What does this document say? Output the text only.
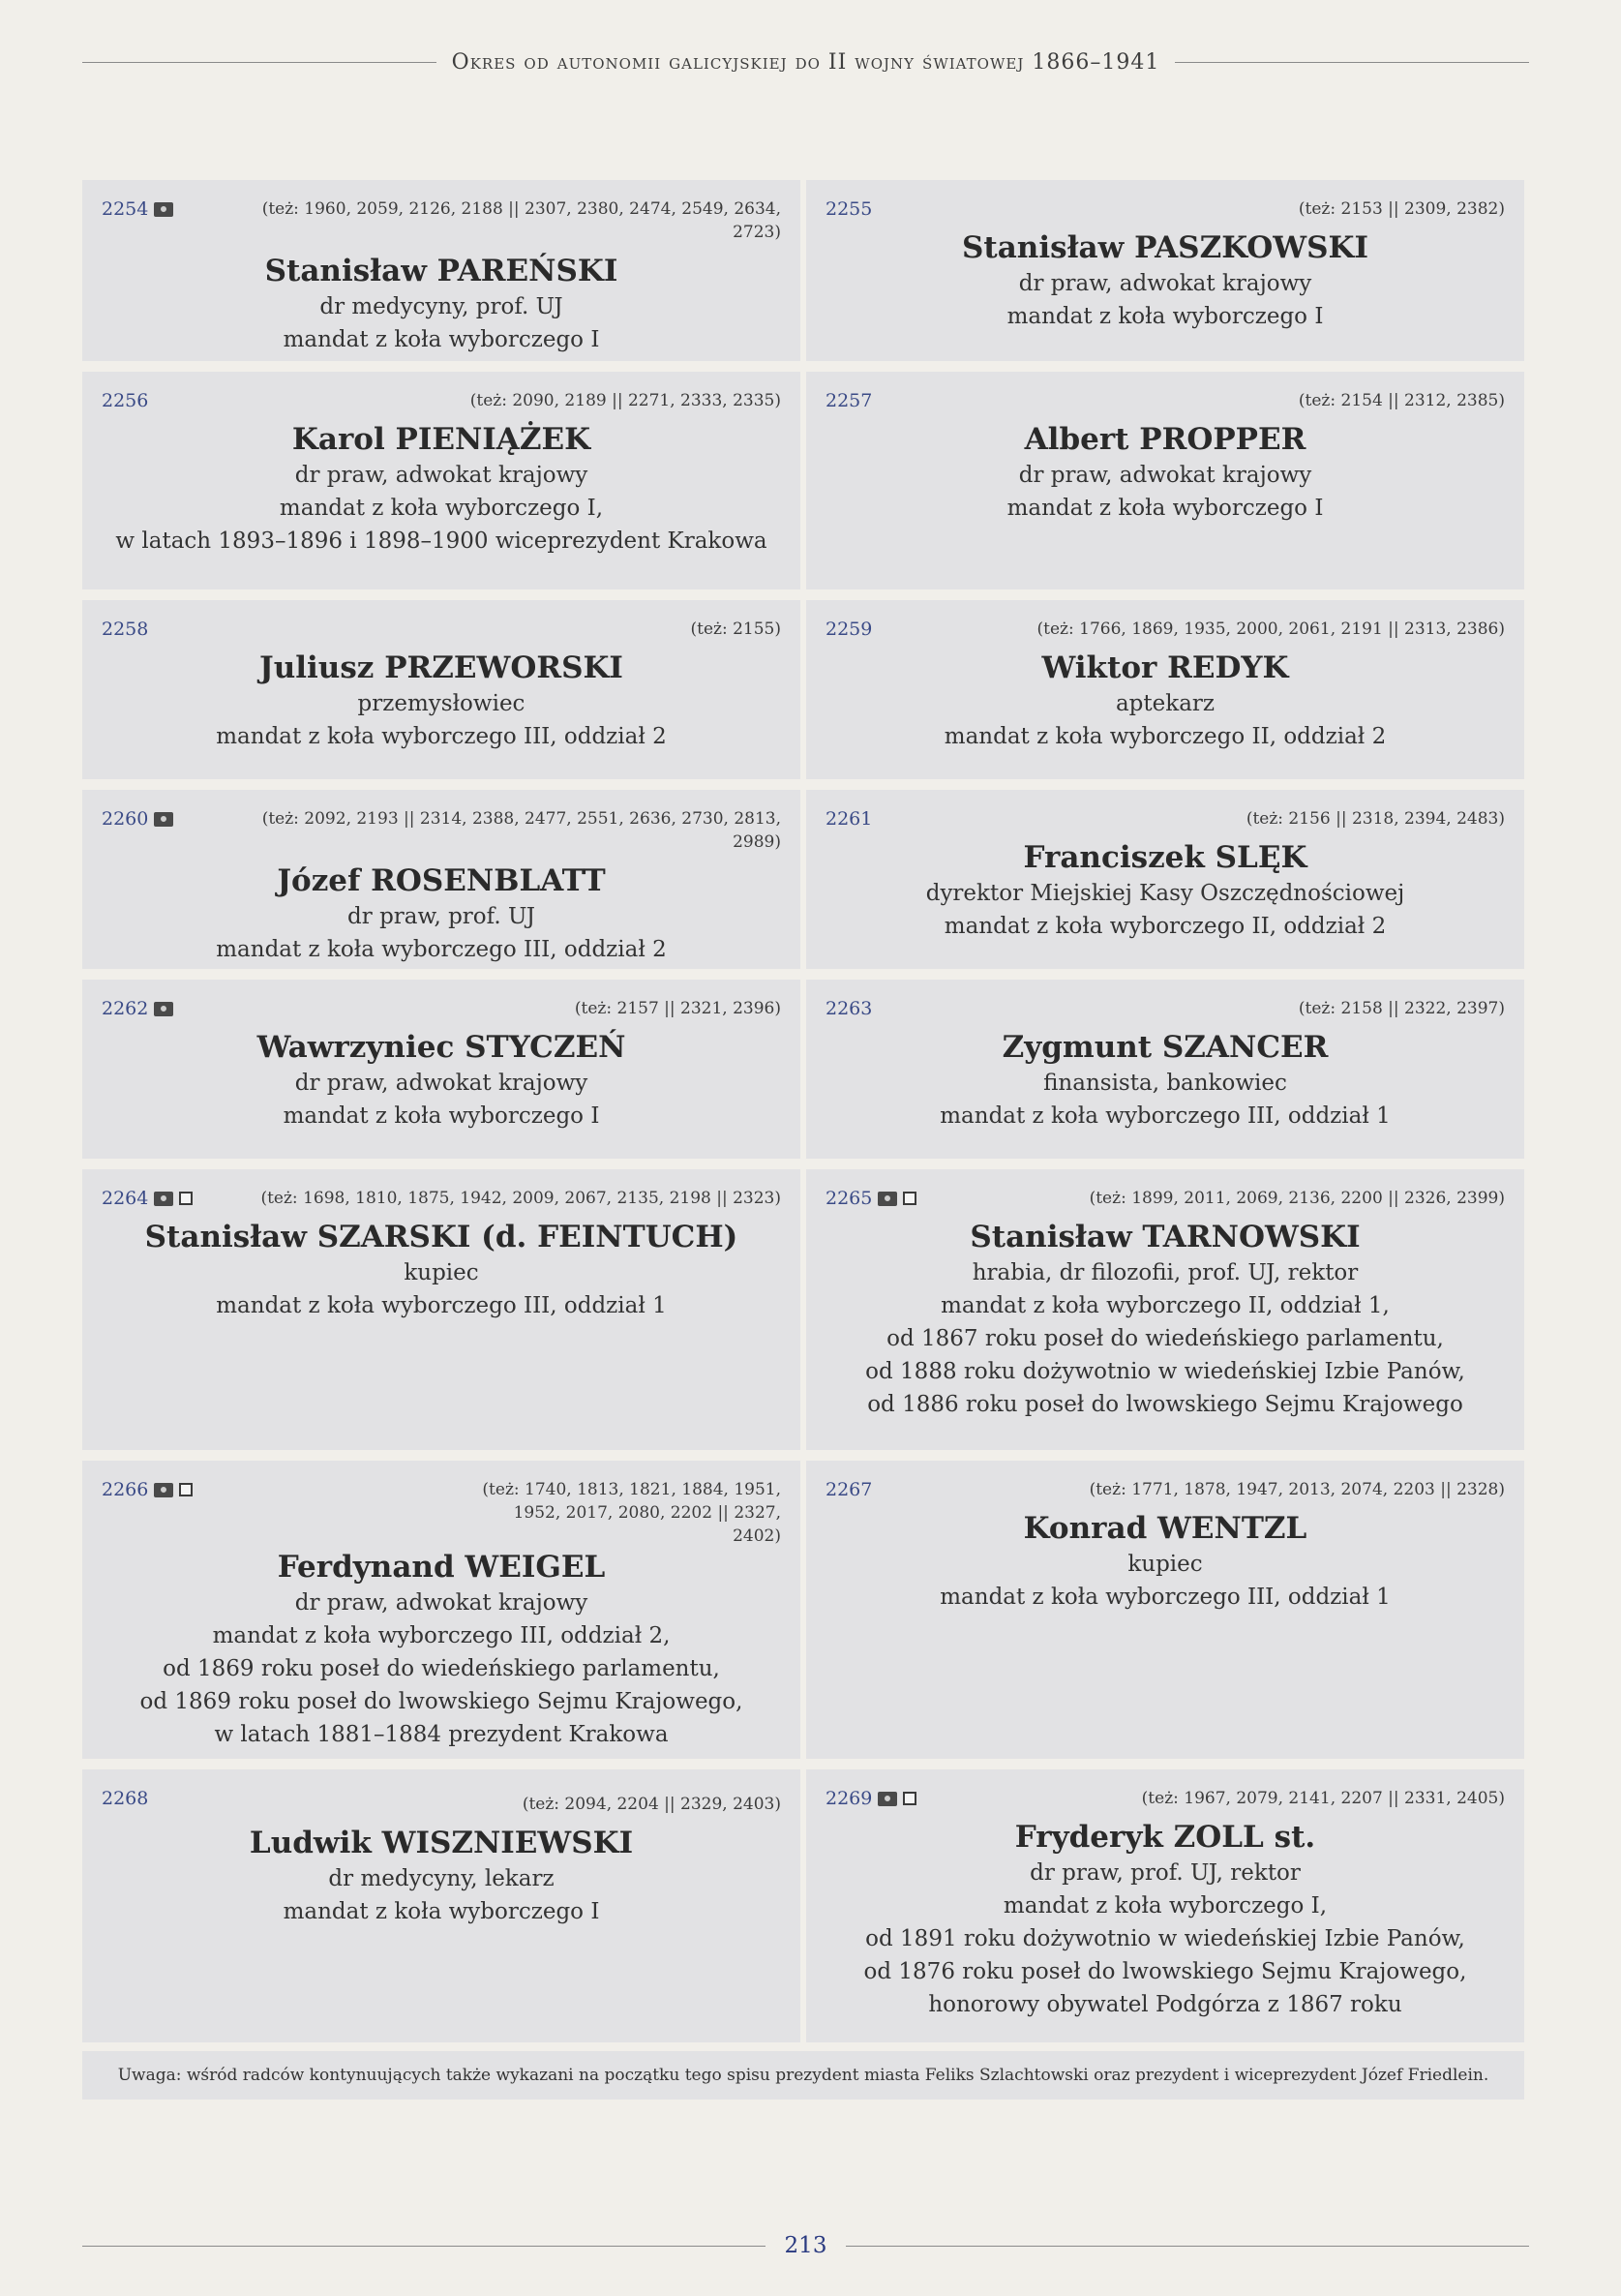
Okres od autonomii galicyjskiej do II wojny światowej 1866–1941
2254	(też: 1960, 2059, 2126, 2188 || 2307, 2380, 2474, 2549, 2634, 2723)
Stanisław PAREŃSKI
dr medycyny, prof. UJ
mandat z koła wyborczego I
2255	(też: 2153 || 2309, 2382)
Stanisław PASZKOWSKI
dr praw, adwokat krajowy
mandat z koła wyborczego I
2256	(też: 2090, 2189 || 2271, 2333, 2335)
Karol PIENIĄŻEK
dr praw, adwokat krajowy
mandat z koła wyborczego I,
w latach 1893–1896 i 1898–1900 wiceprezydent Krakowa
2257	(też: 2154 || 2312, 2385)
Albert PROPPER
dr praw, adwokat krajowy
mandat z koła wyborczego I
2258	(też: 2155)
Juliusz PRZEWORSKI
przemysłowiec
mandat z koła wyborczego III, oddział 2
2259	(też: 1766, 1869, 1935, 2000, 2061, 2191 || 2313, 2386)
Wiktor REDYK
aptekarz
mandat z koła wyborczego II, oddział 2
2260	(też: 2092, 2193 || 2314, 2388, 2477, 2551, 2636, 2730, 2813, 2989)
Józef ROSENBLATT
dr praw, prof. UJ
mandat z koła wyborczego III, oddział 2
2261	(też: 2156 || 2318, 2394, 2483)
Franciszek SLĘK
dyrektor Miejskiej Kasy Oszczędnościowej
mandat z koła wyborczego II, oddział 2
2262	(też: 2157 || 2321, 2396)
Wawrzyniec STYCZEŃ
dr praw, adwokat krajowy
mandat z koła wyborczego I
2263	(też: 2158 || 2322, 2397)
Zygmunt SZANCER
finansista, bankowiec
mandat z koła wyborczego III, oddział 1
2264	(też: 1698, 1810, 1875, 1942, 2009, 2067, 2135, 2198 || 2323)
Stanisław SZARSKI (d. FEINTUCH)
kupiec
mandat z koła wyborczego III, oddział 1
2265	(też: 1899, 2011, 2069, 2136, 2200 || 2326, 2399)
Stanisław TARNOWSKI
hrabia, dr filozofii, prof. UJ, rektor
mandat z koła wyborczego II, oddział 1,
od 1867 roku poseł do wiedeńskiego parlamentu,
od 1888 roku dożywotnio w wiedeńskiej Izbie Panów,
od 1886 roku poseł do lwowskiego Sejmu Krajowego
2266	(też: 1740, 1813, 1821, 1884, 1951, 1952, 2017, 2080, 2202 || 2327, 2402)
Ferdynand WEIGEL
dr praw, adwokat krajowy
mandat z koła wyborczego III, oddział 2,
od 1869 roku poseł do wiedeńskiego parlamentu,
od 1869 roku poseł do lwowskiego Sejmu Krajowego,
w latach 1881–1884 prezydent Krakowa
2267	(też: 1771, 1878, 1947, 2013, 2074, 2203 || 2328)
Konrad WENTZL
kupiec
mandat z koła wyborczego III, oddział 1
2268	(też: 2094, 2204 || 2329, 2403)
Ludwik WISZNIEWSKI
dr medycyny, lekarz
mandat z koła wyborczego I
2269	(też: 1967, 2079, 2141, 2207 || 2331, 2405)
Fryderyk ZOLL st.
dr praw, prof. UJ, rektor
mandat z koła wyborczego I,
od 1891 roku dożywotnio w wiedeńskiej Izbie Panów,
od 1876 roku poseł do lwowskiego Sejmu Krajowego,
honorowy obywatel Podgórza z 1867 roku
Uwaga: wśród radców kontynuujących także wykazani na początku tego spisu prezydent miasta Feliks Szlachtowski oraz prezydent i wiceprezydent Józef Friedlein.
213
